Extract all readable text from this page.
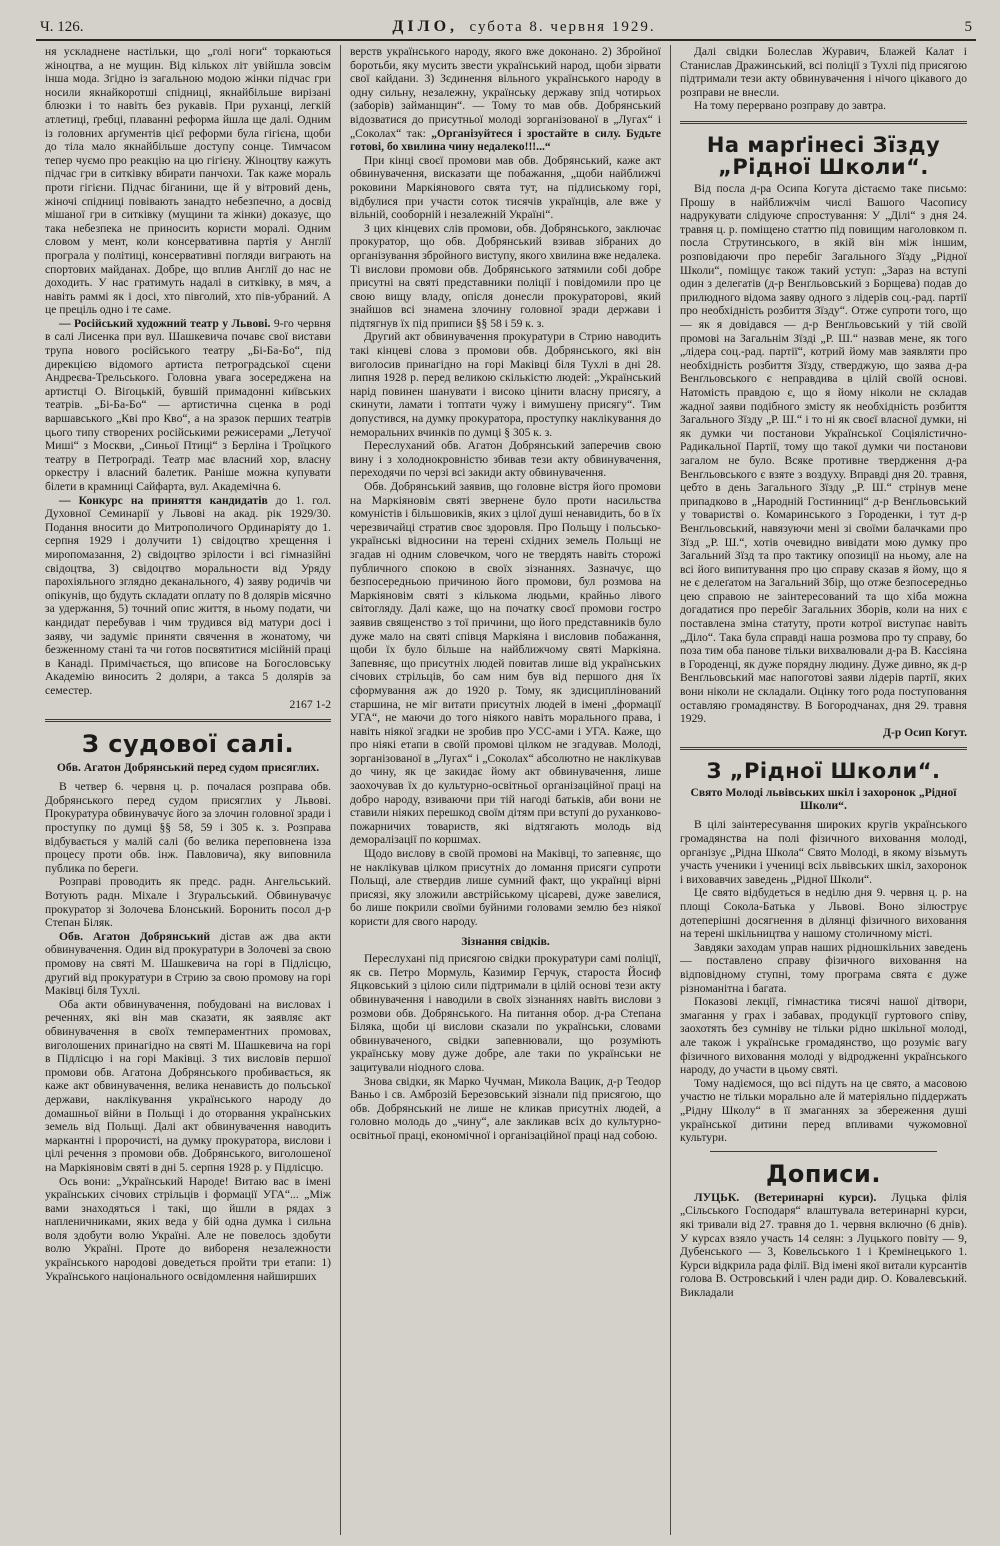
Ч. 126.	ДІЛО, субота 8. червня 1929.	5

ня ускладнене настільки, що „голі ноги“ торкаються жіноцтва, а не мущин. Від кількох літ увійшла зовсім інша мода. Згідно із загальною модою жінки підчас гри носили якнайкоротші спідниці, якнайбільше вирізані блюзки і то навіть без рукавів. При руханці, легкій атлетиці, ґребці, плаванні реформа йшла ще далі. Одним із головних арґументів цієї реформи була гігієна, щоби до тіла мало якнайбільше доступу сонце. Тимчасом тепер чуємо про реакцію на цю гігієну. Жіноцтву кажуть підчас гри в ситківку вбирати панчохи. Так каже мораль проти гігієни. Підчас біганини, ще й у вітровий день, жіночі спідниці повівають занадто небезпечно, а досвід мішаної гри в ситківку (мущини та жінки) доказує, що така небезпека не приносить користи моралі. Одним словом у мент, коли консервативна партія у Англії програла у політиці, консервативні погляди виграють на спортових майданах. Добре, що вплив Англії до нас не доходить. У нас гратимуть надалі в ситківку, в мяч, а навіть раммі як і досі, хто півголий, хто пів-убраний. А це преціль одно і те саме.

— Російський художний театр у Львові. 9-го червня в салі Лисенка при вул. Шашкевича почавє свої вистави трупа нового російського театру „Бі-Ба-Бо“, під дирекцією відомого артиста петроградської сцени Андреєва-Трельського. Головна увага зосереджена на артистці О. Віґоцькій, бувшій примадонні київських театрів. „Бі-Ба-Бо“ — артистична сценка в роді варшавського „Кві про Кво“, а на зразок перших театрів цього типу створених російськими режисерами „Летучої Миші“ з Москви, „Синьої Птиці“ з Берліна і Троїцкого театру в Петроґраді. Театр має власний хор, власну оркестру і власний балетик. Раніше можна купувати білети в крамниці Сайфарта, вул. Академічна 6.

— Конкурс на приняття кандидатів до 1. гол. Духовної Семинарії у Львові на акад. рік 1929/30. Подання вносити до Митрополичого Ординаріяту до 1. серпня 1929 і долучити 1) свідоцтво хрещення і миропомазання, 2) свідоцтво зрілости і всі гімназійні свідоцтва, 3) свідоцтво моральности від Уряду парохіяльного зглядно деканального, 4) заяву родичів чи опікунів, що будуть складати оплату по 8 долярів місячно за удержання, 5) точний опис життя, в ньому подати, чи кандидат перебував і чим трудився від матури досі і заяву, чи задуміє приняти свячення в жонатому, чи безженному стані та чи готов посвятитися місійній праці в Канаді. Примічається, що вписове на Богословську Академію виносить 2 доляри, а такса 5 долярів за семестер.

2167 1-2

З судової салі.
Обв. Агатон Добрянський перед судом присяглих.

В четвер 6. червня ц. р. почалася розправа обв. Добрянського перед судом присяглих у Львові. Прокуратура обвинувачує його за злочин головної зради і проступку по думці §§ 58, 59 і 305 к. з. Розправа відбувається у малій салі (бо велика переповнена ізза процесу проти обв. інж. Павловича), яку виповнила публика по береги.

Розправі проводить як предс. радн. Ангельський. Вотують радн. Міхале і Зґуральський. Обвинувачує прокуратор зі Золочева Блонський. Боронить посол д-р Степан Біляк.

Обв. Агатон Добрянський дістав аж два акти обвинувачення. Один від прокуратури в Золочеві за свою промову на святі М. Шашкевича на горі в Підлісцю, другий від прокуратури в Стрию за свою промову на горі Маківці біля Тухлі.

Оба акти обвинувачення, побудовані на висловах і реченнях, які він мав сказати, як заявляє акт обвинувачення в своїх темпераментних промовах, виголошених принагідно на святі М. Шашкевича на горі в Підлісцю і на горі Маківці. З тих висловів першої промови обв. Агатона Добрянського пробивається, як каже акт обвинувачення, велика ненависть до польської держави, наклікування українського народу до домашньої війни в Польщі і до оторвання українських земель від Польщі. Далі акт обвинувачення наводить маркантні і пророчисті, на думку прокуратора, вислови і цілі речення з промови обв. Добрянського, виголошеної на Маркіяновім святі в дні 5. серпня 1928 р. у Підлісцю.

Ось вони: „Український Народе! Витаю вас в імені українських січових стрільців і формації УГА“... „Між вами знаходяться і такі, що йшли в рядах з напленичниками, яких веда у бій одна думка і сильна воля здобути волю Україні. Але не повелось здобути волю Україні. Проте до вибореня незалежности українського народові доведеться пройти три етапи: 1) Українського національного освідомлення найширших

верств українського народу, якого вже доконано. 2) Збройної боротьби, яку мусить звести український народ, щоби зірвати свої кайдани. 3) Зєдинення вільного українського народу в одну сильну, незалежну, українську державу зпід чотирьох (заборів) займанщин“. — Тому то мав обв. Добрянський відозватися до присутньої молоді зорганізованої в „Лугах“ і „Соколах“ так: „Організуйтеся і зростайте в силу. Будьте готові, бо хвилина чину недалеко!!!...“

При кінці своєї промови мав обв. Добрянський, каже акт обвинувачення, висказати ще побажання, „щоби найближчі роковини Маркіянового свята тут, на підлиському горі, відбулися при участи соток тисячів українців, але вже у вільній, сооборній і незалежній Україні“.

З цих кінцевих слів промови, обв. Добрянського, заключає прокуратор, що обв. Добрянський взивав зібраних до організування збройного виступу, якого хвилина вже недалека. Ті вислови промови обв. Добрянського затямили собі добре присутні на святі представники поліції і повідомили про це свою вищу владу, опісля донесли прокураторові, який знайшов всі знамена злочину головної зради держави і підтягнув їх під приписи §§ 58 і 59 к. з.

Другий акт обвинувачення прокуратури в Стрию наводить такі кінцеві слова з промови обв. Добрянського, які він виголосив принагідно на горі Маківці біля Тухлі в дні 28. липня 1928 р. перед великою скількістю людей: „Український нарід повинен шанувати і високо цінити власну присягу, а скинути, ламати і топтати чужу і вимушену присягу“. Тим допустився, на думку прокуратора, проступку наклікування до неморальних вчинків по думці § 305 к. з.

Переслуханий обв. Агатон Добрянський заперечив свою вину і з холоднокровністю збивав тези акту обвинувачення, переходячи по черзі всі закиди акту обвинувачення.

Обв. Добрянський заявив, що головне вістря його промови на Маркіяновім святі звернене було проти насильства комуністів і більшовиків, яких з цілої душі ненавидить, бо в їх черезвичайці стратив своє здоровля. Про Польщу і польсько-українські відносини на терені східних земель Польщі не згадав ні одним словечком, чого не твердять навіть сторожі публичного спокою в своїх зізнаннях. Зазначує, що безпосередньою причиною його промови, бул розмова на Маркіяновім святі з кількома людьми, крайньо лівого світогляду. Далі каже, що на початку своєї промови гостро заявив священство з тої причини, що його представників було дуже мало на святі співця Маркіяна і висловив побажання, щоби їх було більше на найближчому святі Маркіяна. Запевняє, що присутніх людей повитав лише від українських січових стрільців, бо сам ним був від першого дня їх сформування аж до 1920 р. Тому, як здисциплінований старшина, не міг витати присутніх людей в імені „формації УГА“, не маючи до того ніякого навіть морального права, і навіть ніякої згадки не зробив про УСС-ами і УГА. Каже, що про ніякі етапи в своїй промові цілком не згадував. Молоді, зорганізованої в „Лугах“ і „Соколах“ абсолютно не наклікував до чину, як це закидає йому акт обвинувачення, лише заохочував їх до культурно-освітньої організаційної праці на добро народу, взиваючи при тій нагоді батьків, аби вони не ставили ніяких перешкод своїм дітям при вступі до руханково-пожарничих товариств, які відтягають молодь від деморалізації по коршмах.

Щодо вислову в своїй промові на Маківці, то запевняє, що не наклікував цілком присутніх до ломання присяги супроти Польщі, але ствердив лише сумний факт, що українці вірні присязі, яку зложили австрійському цісареві, дуже завелися, бо лише покрили своїми буйними головами землю без ніякої користи для свого народу.

Зізнання свідків.

Переслухані під присягою свідки прокуратури самі поліції, як св. Петро Мормуль, Казимир Герчук, староста Йосиф Яцковський з цілою сили підтримали в цілій основі тези акту обвинувачення і наводили в своїх зізнаннях навіть вислови з розмови обв. Добрянського. На питання обор. д-ра Степана Біляка, щоби ці вислови сказали по українськи, словами обвинуваченого, свідки запевнювали, що розуміють українську мову дуже добре, але таки по українськи не зацитували ніодного слова.

Знова свідки, як Марко Чучман, Микола Вацик, д-р Теодор Ваньо і св. Амброзій Березовський зізнали під присягою, що обв. Добрянський не лише не кликав присутніх людей, а головно молодь до „чину“, але закликав всіх до культурно-освітньої праці, економічної і організаційної праці над собою.

Далі свідки Болеслав Журавич, Блажей Калат і Станислав Дражинський, всі поліції з Тухлі під присягою підтримали тези акту обвинувачення і нічого цікавого до розправи не внесли.

На тому перервано розправу до завтра.

На марґінесі Зїзду „Рідної Школи“.

Від посла д-ра Осипа Когута дістаємо таке письмо: Прошу в найближчім числі Вашого Часопису надрукувати слідуюче спростування: У „Ділі“ з дня 24. травня ц. р. поміщено статтю під повищим наголовком п. посла Струтинського, в якій він між іншим, розповідаючи про перебіг Загального Зїзду „Рідної Школи“, поміщує також такий уступ: „Зараз на вступі один з делегатів (д-р Венґльовський з Борщева) подав до прилюдного відома заяву одного з лідерів соц.-рад. партії про необхідність розбиття Зїзду“. Отже супроти того, що — як я довідався — д-р Венґльовський у тій своїй промові на Загальнім Зїзді „Р. Ш.“ назвав мене, як того „лідера соц.-рад. партії“, котрий йому мав заявляти про необхідність розбиття Зїзду, стверджую, що заява д-ра Венґльовського є неправдива в цілій своїй основі. Натомість правдою є, що я йому ніколи не складав жадної заяви подібного змісту як необхідність розбиття Загального Зїзду „Р. Ш.“ і то ні як своєї власної думки, ні як думки чи постанови Української Соціялістично-Радикальної Партії, тому що такої думки чи постанови загалом не було. Всяке противне твердження д-ра Венґльовського є взяте з воздуху. Вправді дня 20. травня, цебто в день Загального Зїзду „Р. Ш.“ стрінув мене припадково в „Народній Гостинниці“ д-р Венґльовський у товаристві о. Комаринського з Городенки, і тут д-р Венґльовський, навязуючи мені зі своїми балачками про Зїзд „Р. Ш.“, хотів очевидно вивідати мою думку про Загальний Зїзд та про тактику опозиції на ньому, але на всі його випитування про цю справу сказав я йому, що я не є делеґатом на Загальний Збір, що отже безпосередньо цею справою не заінтересований та що хіба можна догадатися про перебіг Загальних Зборів, коли на них є поставлена зміна статуту, проти котрої виступає навіть „Діло“. Така була справді наша розмова про ту справу, бо поза тим оба панове тільки вихвалювали д-ра В. Кассіяна в Городенці, як дуже порядну людину. Дуже дивно, як д-р Венґльовський має напоготові заяви лідерів партії, яких вони ніколи не складали. Оцінку того рода поступовання оставляю громадянству. В Богородчанах, дня 29. травня 1929.

Д-р Осип Когут.
З „Рідної Школи“.
Свято Молоді львівських шкіл і захоронок „Рідної Школи“.

В цілі заінтересування широких кругів українського громадянства на полі фізичного виховання молоді, організує „Рідна Школа“ Свято Молоді, в якому візьмуть участь ученики і учениці всіх львівських шкіл, захоронок і виховавчих заведень „Рідної Школи“.

Це свято відбудеться в неділю дня 9. червня ц. р. на площі Сокола-Батька у Львові. Воно зілюструє дотеперішні досягнення в ділянці фізичного виховання на терені шкільництва у нашому столичному місті.

Завдяки заходам управ наших рідношкільних заведень — поставлено справу фізичного виховання на відповідному ступні, тому програма свята є дуже різноманітна і багата.

Показові лекції, гімнастика тисячі нашої дітвори, змагання у грах і забавах, продукції гуртового співу, заохотять без сумніву не тільки рідно шкільної молоді, але також і українське громадянство, що розуміє вагу фізичного виховання молоді у відродженні українського народу, до участи в цьому святі.

Тому надіємося, що всі підуть на це свято, а масовою участю не тільки морально але й матеріяльно піддержать „Рідну Школу“ в її змаганнях за збереження душі української дитини перед впливами чужомовної культури.

Дописи.

ЛУЦЬК. (Ветеринарні курси). Луцька філія „Сільського Господаря“ влаштувала ветеринарні курси, які тривали від 27. травня до 1. червня включно (6 днів). У курсах взяло участь 14 селян: з Луцького повіту — 9, Дубенського — 3, Ковельського 1 і Кремінецького 1. Курси відкрила рада філії. Від імені якої витали курсантів голова В. Островський і член ради дир. О. Ковалевський. Викладали
